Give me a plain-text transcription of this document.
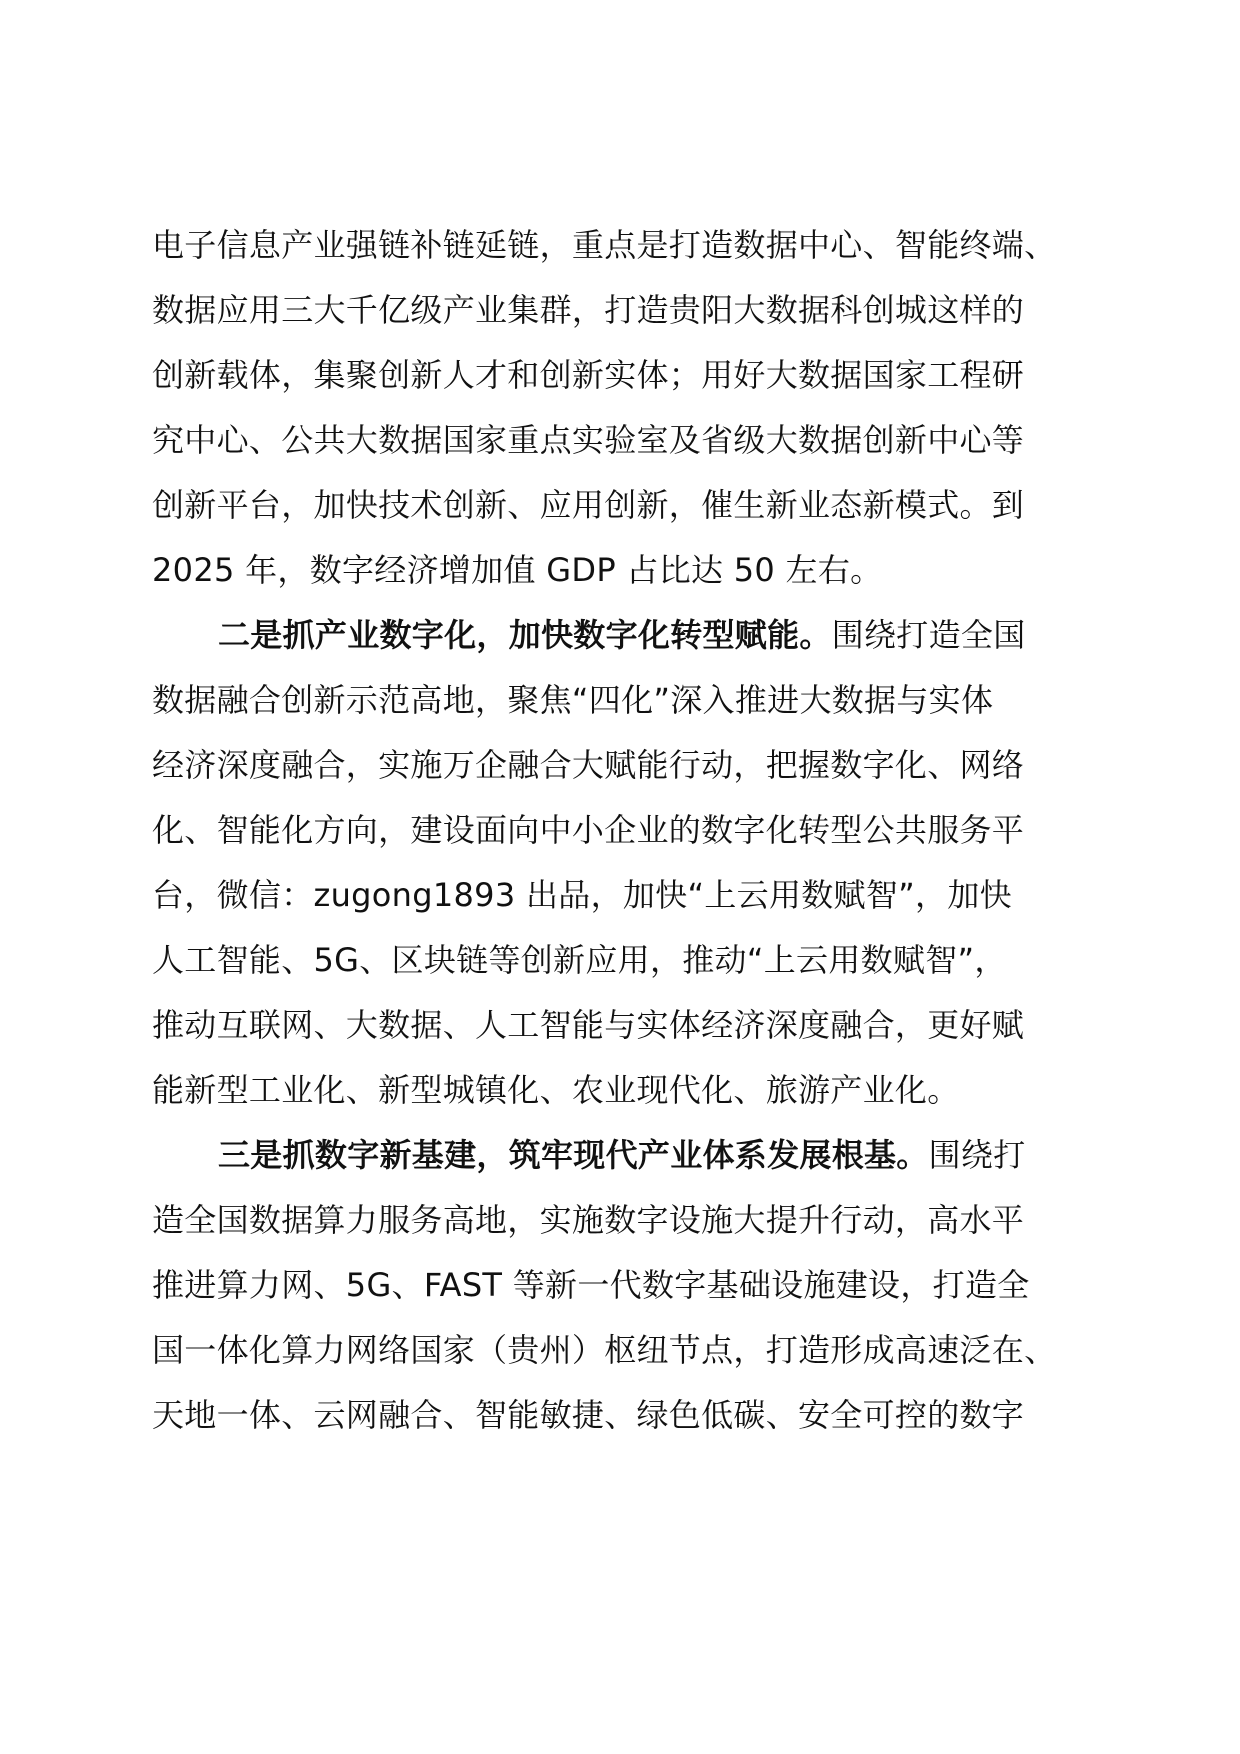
电子信息产业强链补链延链，重点是打造数据中心、智能终端、
数据应用三大千亿级产业集群，打造贵阳大数据科创城这样的
创新载体，集聚创新人才和创新实体；用好大数据国家工程研
究中心、公共大数据国家重点实验室及省级大数据创新中心等
创新平台，加快技术创新、应用创新，催生新业态新模式。到
2025 年，数字经济增加值 GDP 占比达 50 左右。
二是抓产业数字化，加快数字化转型赋能。围绕打造全国
数据融合创新示范高地，聚焦“四化”深入推进大数据与实体
经济深度融合，实施万企融合大赋能行动，把握数字化、网络
化、智能化方向，建设面向中小企业的数字化转型公共服务平
台，微信：zugong1893 出品，加快“上云用数赋智”，加快
人工智能、5G、区块链等创新应用，推动“上云用数赋智”，
推动互联网、大数据、人工智能与实体经济深度融合，更好赋
能新型工业化、新型城镇化、农业现代化、旅游产业化。
三是抓数字新基建，筑牢现代产业体系发展根基。围绕打
造全国数据算力服务高地，实施数字设施大提升行动，高水平
推进算力网、5G、FAST 等新一代数字基础设施建设，打造全
国一体化算力网络国家（贵州）枢纽节点，打造形成高速泛在、
天地一体、云网融合、智能敏捷、绿色低碳、安全可控的数字
